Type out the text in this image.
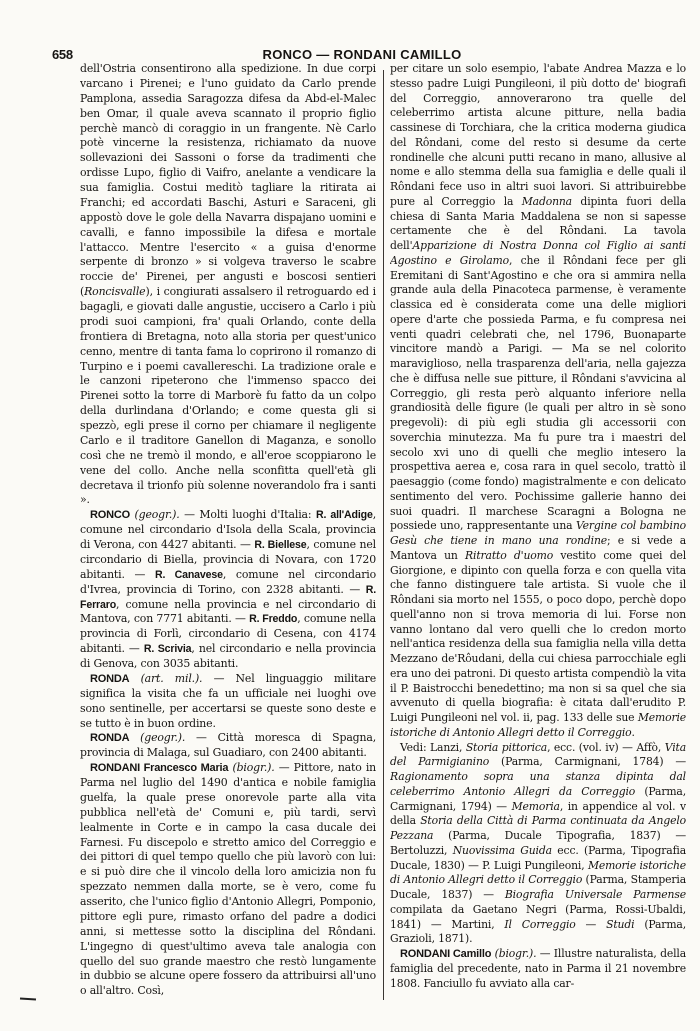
658	RONCO — RONDANI CAMILLO

dell'Ostria consentirono alla spedizione. In due corpi varcano i Pirenei; e l'uno guidato da Carlo prende Pamplona, assedia Saragozza difesa da Abd-el-Malec ben Omar, il quale aveva scannato il proprio figlio perchè mancò di coraggio in un frangente. Nè Carlo potè vincerne la resistenza, richiamato da nuove sollevazioni dei Sassoni o forse da tradimenti che ordisse Lupo, figlio di Vaifro, anelante a vendicare la sua famiglia. Costui meditò tagliare la ritirata ai Franchi; ed accordati Baschi, Asturi e Saraceni, gli appostò dove le gole della Navarra dispajano uomini e cavalli, e fanno impossibile la difesa e mortale l'attacco. Mentre l'esercito « a guisa d'enorme serpente di bronzo » si volgeva traverso le scabre roccie de' Pirenei, per angusti e boscosi sentieri (Roncisvalle), i congiurati assalsero il retroguardo ed i bagagli, e giovati dalle angustie, uccisero a Carlo i più prodi suoi campioni, fra' quali Orlando, conte della frontiera di Bretagna, noto alla storia per quest'unico cenno, mentre di tanta fama lo coprirono il romanzo di Turpino e i poemi cavallereschi. La tradizione orale e le canzoni ripeterono che l'immenso spacco dei Pirenei sotto la torre di Marborè fu fatto da un colpo della durlindana d'Orlando; e come questa gli si spezzò, egli prese il corno per chiamare il negligente Carlo e il traditore Ganellon di Maganza, e sonollo così che ne tremò il mondo, e all'eroe scoppiarono le vene del collo. Anche nella sconfitta quell'età gli decretava il trionfo più solenne noverandolo fra i santi ».

RONCO (geogr.). — Molti luoghi d'Italia: R. all'Adige, comune nel circondario d'Isola della Scala, provincia di Verona, con 4427 abitanti. — R. Biellese, comune nel circondario di Biella, provincia di Novara, con 1720 abitanti. — R. Canavese, comune nel circondario d'Ivrea, provincia di Torino, con 2328 abitanti. — R. Ferraro, comune nella provincia e nel circondario di Mantova, con 7771 abitanti. — R. Freddo, comune nella provincia di Forlì, circondario di Cesena, con 4174 abitanti. — R. Scrivia, nel circondario e nella provincia di Genova, con 3035 abitanti.

RONDA (art. mil.). — Nel linguaggio militare significa la visita che fa un ufficiale nei luoghi ove sono sentinelle, per accertarsi se queste sono deste e se tutto è in buon ordine.

RONDA (geogr.). — Città moresca di Spagna, provincia di Malaga, sul Guadiaro, con 2400 abitanti.

RONDANI Francesco Maria (biogr.). — Pittore, nato in Parma nel luglio del 1490 d'antica e nobile famiglia guelfa, la quale prese onorevole parte alla vita pubblica nell'età de' Comuni e, più tardi, servì lealmente in Corte e in campo la casa ducale dei Farnesi. Fu discepolo e stretto amico del Correggio e dei pittori di quel tempo quello che più lavorò con lui: e si può dire che il vincolo della loro amicizia non fu spezzato nemmen dalla morte, se è vero, come fu asserito, che l'unico figlio d'Antonio Allegri, Pomponio, pittore egli pure, rimasto orfano del padre a dodici anni, si mettesse sotto la disciplina del Rôndani. L'ingegno di quest'ultimo aveva tale analogia con quello del suo grande maestro che restò lungamente in dubbio se alcune opere fossero da attribuirsi all'uno o all'altro. Così,

per citare un solo esempio, l'abate Andrea Mazza e lo stesso padre Luigi Pungileoni, il più dotto de' biografi del Correggio, annoverarono tra quelle del celeberrimo artista alcune pitture, nella badia cassinese di Torchiara, che la critica moderna giudica del Rôndani, come del resto si desume da certe rondinelle che alcuni putti recano in mano, allusive al nome e allo stemma della sua famiglia e delle quali il Rôndani fece uso in altri suoi lavori. Si attribuirebbe pure al Correggio la Madonna dipinta fuori della chiesa di Santa Maria Maddalena se non si sapesse certamente che è del Rôndani. La tavola dell'Apparizione di Nostra Donna col Figlio ai santi Agostino e Girolamo, che il Rôndani fece per gli Eremitani di Sant'Agostino e che ora si ammira nella grande aula della Pinacoteca parmense, è veramente classica ed è considerata come una delle migliori opere d'arte che possieda Parma, e fu compresa nei venti quadri celebrati che, nel 1796, Buonaparte vincitore mandò a Parigi. — Ma se nel colorito maraviglioso, nella trasparenza dell'aria, nella gajezza che è diffusa nelle sue pitture, il Rôndani s'avvicina al Correggio, gli resta però alquanto inferiore nella grandiosità delle figure (le quali per altro in sè sono pregevoli): di più egli studia gli accessorii con soverchia minutezza. Ma fu pure tra i maestri del secolo xvi uno di quelli che meglio intesero la prospettiva aerea e, cosa rara in quel secolo, trattò il paesaggio (come fondo) magistralmente e con delicato sentimento del vero. Pochissime gallerie hanno dei suoi quadri. Il marchese Scaragni a Bologna ne possiede uno, rappresentante una Vergine col bambino Gesù che tiene in mano una rondine; e si vede a Mantova un Ritratto d'uomo vestito come quei del Giorgione, e dipinto con quella forza e con quella vita che fanno distinguere tale artista. Si vuole che il Rôndani sia morto nel 1555, o poco dopo, perchè dopo quell'anno non si trova memoria di lui. Forse non vanno lontano dal vero quelli che lo credon morto nell'antica residenza della sua famiglia nella villa detta Mezzano de'Rôudani, della cui chiesa parrocchiale egli era uno dei patroni. Di questo artista compendiò la vita il P. Baistrocchi benedettino; ma non si sa quel che sia avvenuto di quella biografia: è citata dall'erudito P. Luigi Pungileoni nel vol. ii, pag. 133 delle sue Memorie istoriche di Antonio Allegri detto il Correggio.

Vedi: Lanzi, Storia pittorica, ecc. (vol. iv) — Affò, Vita del Parmigianino (Parma, Carmignani, 1784) — Ragionamento sopra una stanza dipinta dal celeberrimo Antonio Allegri da Correggio (Parma, Carmignani, 1794) — Memoria, in appendice al vol. v della Storia della Città di Parma continuata da Angelo Pezzana (Parma, Ducale Tipografia, 1837) — Bertoluzzi, Nuovissima Guida ecc. (Parma, Tipografia Ducale, 1830) — P. Luigi Pungileoni, Memorie istoriche di Antonio Allegri detto il Correggio (Parma, Stamperia Ducale, 1837) — Biografia Universale Parmense compilata da Gaetano Negri (Parma, Rossi-Ubaldi, 1841) — Martini, Il Correggio — Studi (Parma, Grazioli, 1871).

RONDANI Camillo (biogr.). — Illustre naturalista, della famiglia del precedente, nato in Parma il 21 novembre 1808. Fanciullo fu avviato alla car-
